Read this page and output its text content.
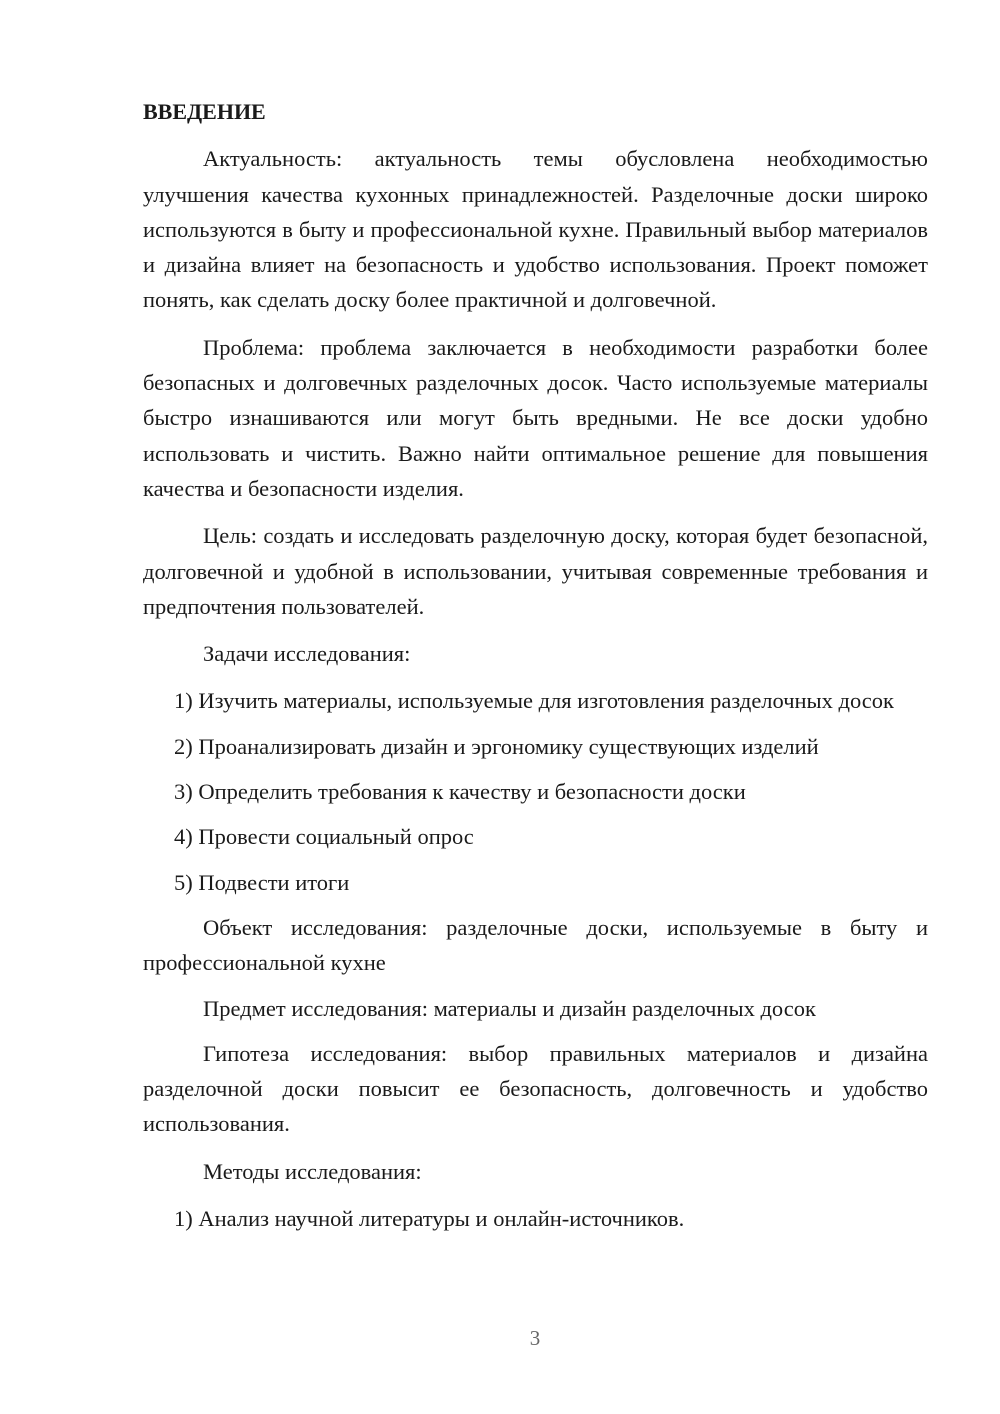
ВВЕДЕНИЕ

Актуальность: актуальность темы обусловлена необходимостью улучшения качества кухонных принадлежностей. Разделочные доски широко используются в быту и профессиональной кухне. Правильный выбор материалов и дизайна влияет на безопасность и удобство использования. Проект поможет понять, как сделать доску более практичной и долговечной.

Проблема: проблема заключается в необходимости разработки более безопасных и долговечных разделочных досок. Часто используемые материалы быстро изнашиваются или могут быть вредными. Не все доски удобно использовать и чистить. Важно найти оптимальное решение для повышения качества и безопасности изделия.

Цель: создать и исследовать разделочную доску, которая будет безопасной, долговечной и удобной в использовании, учитывая современные требования и предпочтения пользователей.

Задачи исследования:

1) Изучить материалы, используемые для изготовления разделочных досок

2) Проанализировать дизайн и эргономику существующих изделий

3) Определить требования к качеству и безопасности доски

4) Провести социальный опрос

5) Подвести итоги

Объект исследования: разделочные доски, используемые в быту и профессиональной кухне

Предмет исследования: материалы и дизайн разделочных досок

Гипотеза исследования: выбор правильных материалов и дизайна разделочной доски повысит ее безопасность, долговечность и удобство использования.

Методы исследования:

1) Анализ научной литературы и онлайн-источников.

3
